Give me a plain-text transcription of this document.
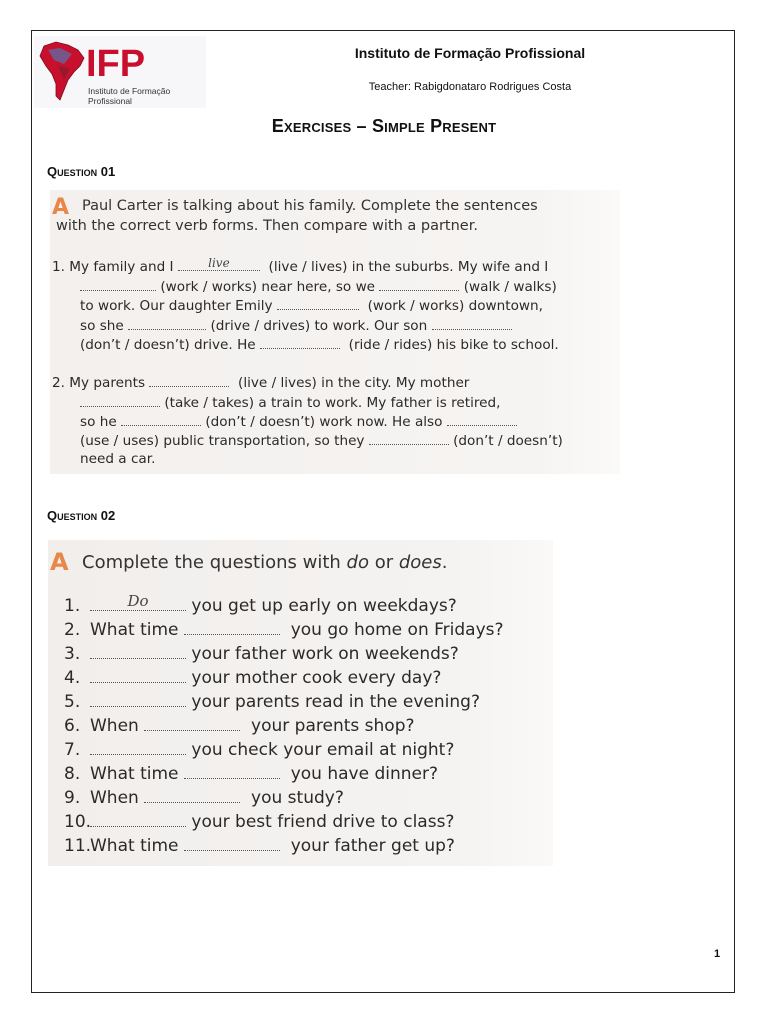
IFP
Instituto de Formação
Profissional
Instituto de Formação Profissional
Teacher: Rabigdonataro Rodrigues Costa
Exercises – Simple Present
Question 01
A Paul Carter is talking about his family. Complete the sentences
with the correct verb forms. Then compare with a partner.
1. My family and I	live	(live / lives) in the suburbs. My wife and I
(work / works) near here, so we	(walk / walks)
to work. Our daughter Emily	(work / works) downtown,
so she	(drive / drives) to work. Our son
(don’t / doesn’t) drive. He	(ride / rides) his bike to school.
2. My parents	(live / lives) in the city. My mother
(take / takes) a train to work. My father is retired,
so he	(don’t / doesn’t) work now. He also
(use / uses) public transportation, so they	(don’t / doesn’t)
need a car.
Question 02
A Complete the questions with do or does.
1.	Do	you get up early on weekdays?
2. What time	you go home on Fridays?
3.	your father work on weekends?
4.	your mother cook every day?
5.	your parents read in the evening?
6. When	your parents shop?
7.	you check your email at night?
8. What time	you have dinner?
9. When	you study?
10.	your best friend drive to class?
11.What time	your father get up?
1
